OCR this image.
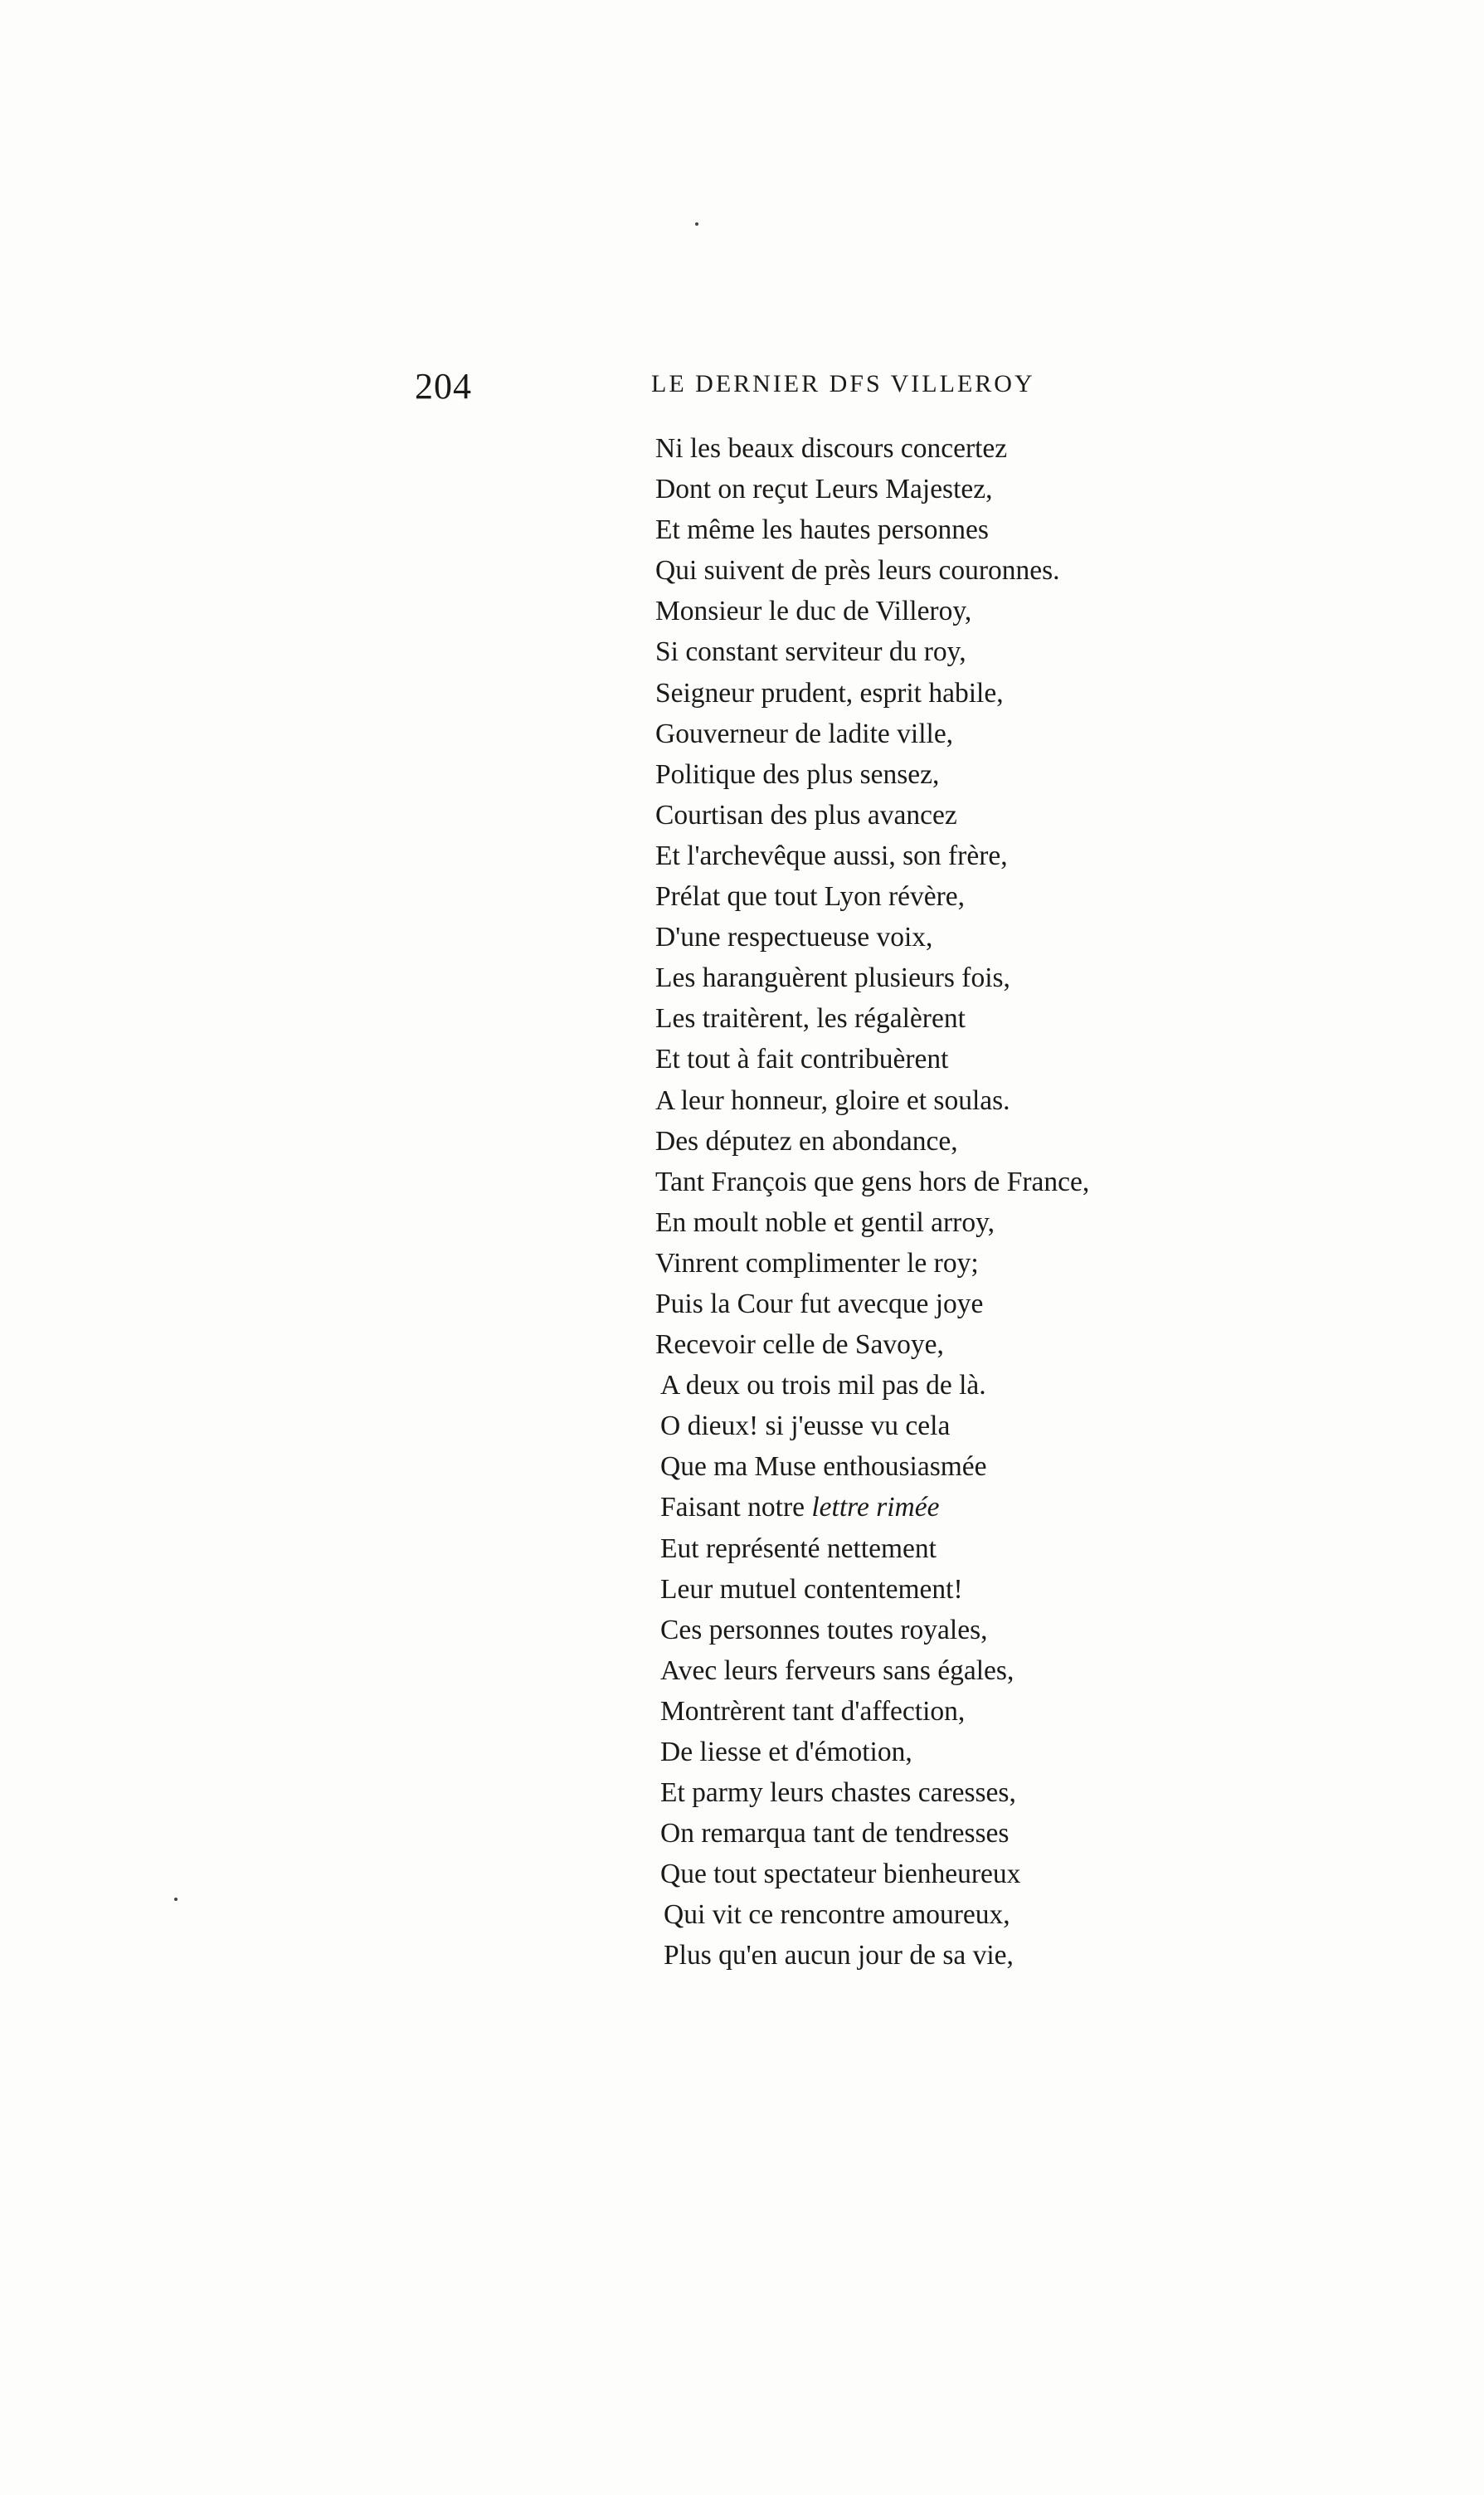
204	LE DERNIER DFS VILLEROY
Ni les beaux discours concertez
Dont on reçut Leurs Majestez,
Et même les hautes personnes
Qui suivent de près leurs couronnes.
Monsieur le duc de Villeroy,
Si constant serviteur du roy,
Seigneur prudent, esprit habile,
Gouverneur de ladite ville,
Politique des plus sensez,
Courtisan des plus avancez
Et l'archevêque aussi, son frère,
Prélat que tout Lyon révère,
D'une respectueuse voix,
Les haranguèrent plusieurs fois,
Les traitèrent, les régalèrent
Et tout à fait contribuèrent
A leur honneur, gloire et soulas.
Des députez en abondance,
Tant François que gens hors de France,
En moult noble et gentil arroy,
Vinrent complimenter le roy;
Puis la Cour fut avecque joye
Recevoir celle de Savoye,
A deux ou trois mil pas de là.
O dieux! si j'eusse vu cela
Que ma Muse enthousiasmée
Faisant notre lettre rimée
Eut représenté nettement
Leur mutuel contentement!
Ces personnes toutes royales,
Avec leurs ferveurs sans égales,
Montrèrent tant d'affection,
De liesse et d'émotion,
Et parmy leurs chastes caresses,
On remarqua tant de tendresses
Que tout spectateur bienheureux
Qui vit ce rencontre amoureux,
Plus qu'en aucun jour de sa vie,
